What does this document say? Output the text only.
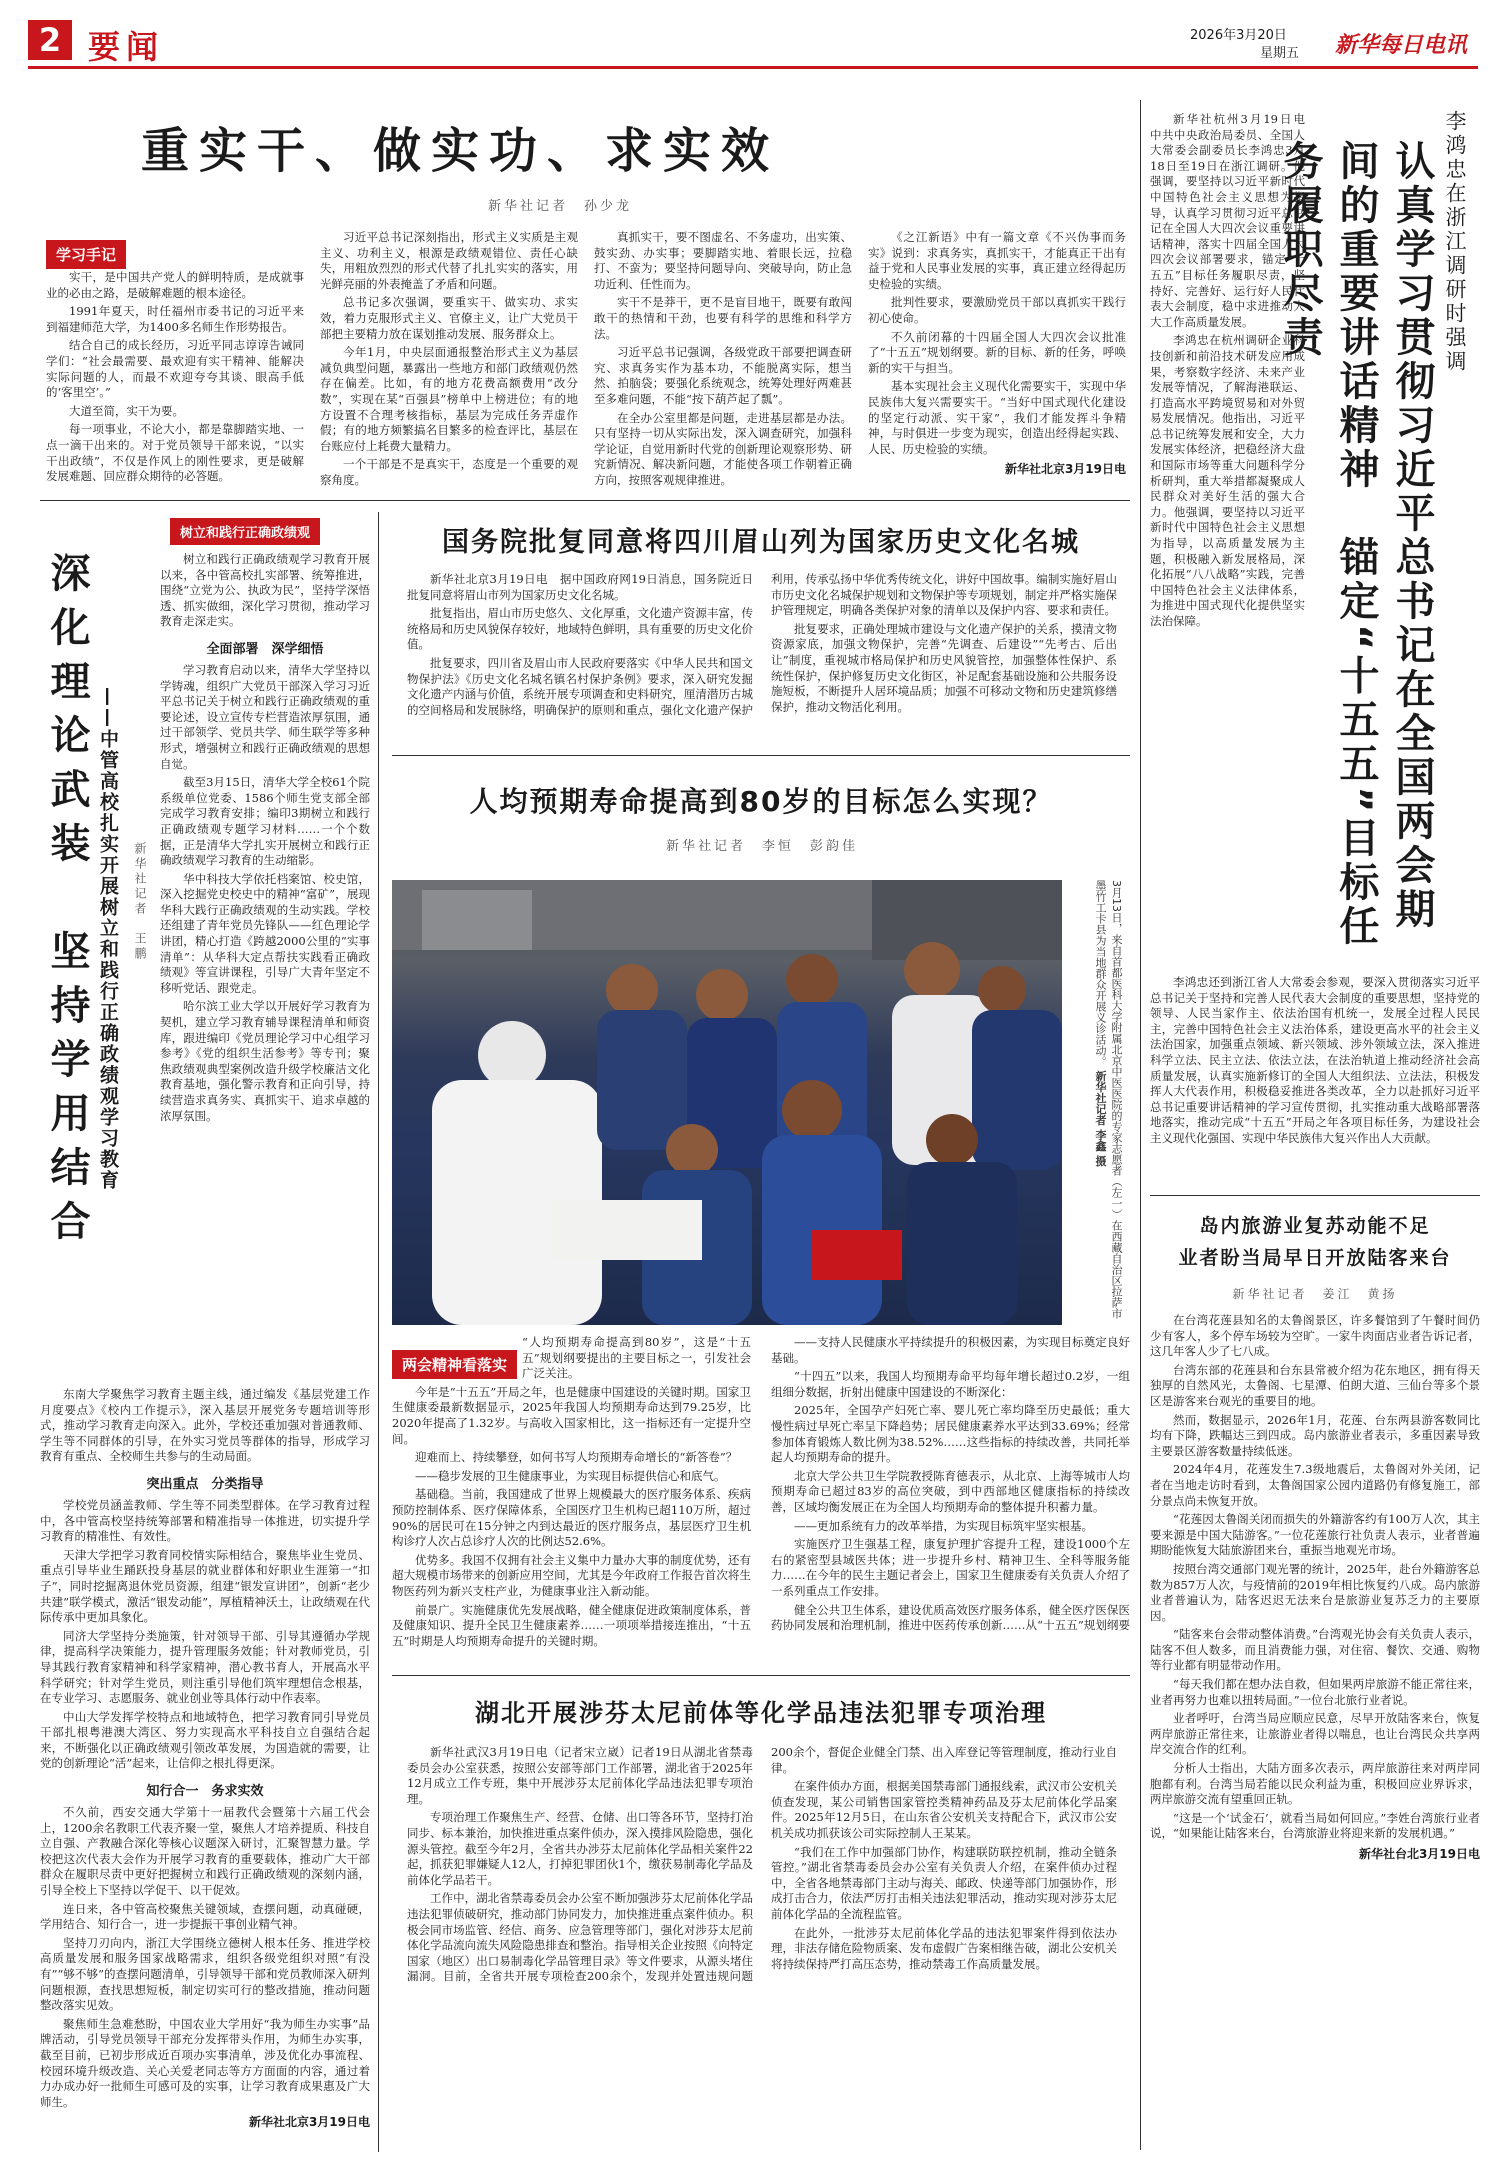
2 要闻	2026年3月20日
星期五 新华每日电讯
重实干、做实功、求实效
新华社记者　孙少龙
学习手记

实干，是中国共产党人的鲜明特质，是成就事业的必由之路，是破解难题的根本途径。

1991年夏天，时任福州市委书记的习近平来到福建师范大学，为1400多名师生作形势报告。

结合自己的成长经历，习近平同志谆谆告诫同学们：“社会最需要、最欢迎有实干精神、能解决实际问题的人，而最不欢迎夸夸其谈、眼高手低的‘客里空’。”

大道至简，实干为要。

每一项事业，不论大小，都是靠脚踏实地、一点一滴干出来的。对于党员领导干部来说，“以实干出政绩”，不仅是作风上的刚性要求，更是破解发展难题、回应群众期待的必答题。

习近平总书记深刻指出，形式主义实质是主观主义、功利主义，根源是政绩观错位、责任心缺失，用粗放烈烈的形式代替了扎扎实实的落实，用光鲜亮丽的外表掩盖了矛盾和问题。

总书记多次强调，要重实干、做实功、求实效，着力克服形式主义、官僚主义，让广大党员干部把主要精力放在谋划推动发展、服务群众上。

今年1月，中央层面通报整治形式主义为基层减负典型问题，暴露出一些地方和部门政绩观仍然存在偏差。比如，有的地方花费高额费用“改分数”，实现在某“百强县”榜单中上榜进位；有的地方设置不合理考核指标，基层为完成任务弄虚作假；有的地方频繁搞名目繁多的检查评比，基层在台账应付上耗费大量精力。

一个干部是不是真实干，态度是一个重要的观察角度。

真抓实干，要不图虚名、不务虚功，出实策、鼓实劲、办实事；要脚踏实地、着眼长远，拉稳打、不蛮为；要坚持问题导向、突破导向，防止急功近利、任性而为。

实干不是莽干，更不是盲目地干，既要有敢闯敢干的热情和干劲，也要有科学的思维和科学方法。

习近平总书记强调，各级党政干部要把调查研究、求真务实作为基本功，不能脱离实际，想当然、拍脑袋；要强化系统观念，统筹处理好两难甚至多难问题，不能“按下葫芦起了瓢”。

在全办公室里都是问题，走进基层都是办法。只有坚持一切从实际出发，深入调查研究，加强科学论证，自觉用新时代党的创新理论观察形势、研究新情况、解决新问题，才能使各项工作朝着正确方向，按照客观规律推进。

《之江新语》中有一篇文章《不兴伪事而务实》说到：求真务实，真抓实干，才能真正干出有益于党和人民事业发展的实事，真正建立经得起历史检验的实绩。

批判性要求，要激励党员干部以真抓实干践行初心使命。

不久前闭幕的十四届全国人大四次会议批准了“十五五”规划纲要。新的目标、新的任务，呼唤新的实干与担当。

基本实现社会主义现代化需要实干，实现中华民族伟大复兴需要实干。“当好中国式现代化建设的坚定行动派、实干家”，我们才能发挥斗争精神，与时俱进一步变为现实，创造出经得起实践、人民、历史检验的实绩。

新华社北京3月19日电
树立和践行正确政绩观
深化理论武装　坚持学用结合 ——中管高校扎实开展树立和践行正确政绩观学习教育 新华社记者　王鹏

树立和践行正确政绩观学习教育开展以来，各中管高校扎实部署、统筹推进，围绕“立党为公、执政为民”，坚持学深悟透、抓实做细，深化学习贯彻，推动学习教育走深走实。

全面部署　深学细悟

学习教育启动以来，清华大学坚持以学铸魂，组织广大党员干部深入学习习近平总书记关于树立和践行正确政绩观的重要论述，设立宣传专栏营造浓厚氛围，通过干部领学、党员共学、师生联学等多种形式，增强树立和践行正确政绩观的思想自觉。

截至3月15日，清华大学全校61个院系级单位党委、1586个师生党支部全部完成学习教育安排；编印3期树立和践行正确政绩观专题学习材料……一个个数据，正是清华大学扎实开展树立和践行正确政绩观学习教育的生动缩影。

华中科技大学依托档案馆、校史馆，深入挖掘党史校史中的精神“富矿”，展现华科大践行正确政绩观的生动实践。学校还组建了青年党员先锋队——红色理论学讲团，精心打造《跨越2000公里的“实事清单”：从华科大定点帮扶实践看正确政绩观》等宣讲课程，引导广大青年坚定不移听党话、跟党走。

哈尔滨工业大学以开展好学习教育为契机，建立学习教育辅导课程清单和师资库，跟进编印《党员理论学习中心组学习参考》《党的组织生活参考》等专刊；聚焦政绩观典型案例改造升级学校廉洁文化教育基地，强化警示教育和正向引导，持续营造求真务实、真抓实干、追求卓越的浓厚氛围。

东南大学聚焦学习教育主题主线，通过编发《基层党建工作月度要点》《校内工作提示》，深入基层开展党务专题培训等形式，推动学习教育走向深入。此外，学校还重加强对普通教师、学生等不同群体的引导，在外实习党员等群体的指导，形成学习教育有重点、全校师生共参与的生动局面。

突出重点　分类指导

学校党员涵盖教师、学生等不同类型群体。在学习教育过程中，各中管高校坚持统筹部署和精准指导一体推进，切实提升学习教育的精准性、有效性。

天津大学把学习教育同校情实际相结合，聚焦毕业生党员、重点引导毕业生踊跃投身基层的就业群体和好职业生涯第一“扣子”，同时挖掘离退休党员资源，组建“银发宣讲团”，创新“老少共建”联学模式，激活“银发动能”，厚植精神沃土，让政绩观在代际传承中更加具象化。

同济大学坚持分类施策，针对领导干部、引导其遵循办学规律，提高科学决策能力，提升管理服务效能；针对教师党员，引导其践行教育家精神和科学家精神，潜心教书育人，开展高水平科学研究；针对学生党员，则注重引导他们筑牢理想信念根基，在专业学习、志愿服务、就业创业等具体行动中作表率。

中山大学发挥学校特点和地域特色，把学习教育同引导党员干部扎根粤港澳大湾区、努力实现高水平科技自立自强结合起来，不断强化以正确政绩观引领改革发展，为国造就的需要，让党的创新理论“活”起来，让信仰之根扎得更深。

知行合一　务求实效

不久前，西安交通大学第十一届教代会暨第十六届工代会上，1200余名教职工代表齐聚一堂，聚焦人才培养提质、科技自立自强、产教融合深化等核心议题深入研讨，汇聚智慧力量。学校把这次代表大会作为开展学习教育的重要载体，推动广大干部群众在履职尽责中更好把握树立和践行正确政绩观的深刻内涵，引导全校上下坚持以学促干、以干促效。

连日来，各中管高校聚焦关键领域，查摆问题，动真碰硬，学用结合、知行合一，进一步提振干事创业精气神。

坚持刀刃向内，浙江大学围绕立德树人根本任务、推进学校高质量发展和服务国家战略需求，组织各级党组织对照“有没有”“够不够”的查摆问题清单，引导领导干部和党员教师深入研判问题根源，查找思想短板，制定切实可行的整改措施，推动问题整改落实见效。

聚焦师生急难愁盼，中国农业大学用好“我为师生办实事”品牌活动，引导党员领导干部充分发挥带头作用，为师生办实事，截至目前，已初步形成近百项办实事清单，涉及优化办事流程、校园环境升级改造、关心关爱老同志等方方面面的内容，通过着力办成办好一批师生可感可及的实事，让学习教育成果惠及广大师生。

新华社北京3月19日电
国务院批复同意将四川眉山列为国家历史文化名城

新华社北京3月19日电　据中国政府网19日消息，国务院近日批复同意将眉山市列为国家历史文化名城。

批复指出，眉山市历史悠久、文化厚重，文化遗产资源丰富，传统格局和历史风貌保存较好，地域特色鲜明，具有重要的历史文化价值。

批复要求，四川省及眉山市人民政府要落实《中华人民共和国文物保护法》《历史文化名城名镇名村保护条例》要求，深入研究发掘文化遗产内涵与价值，系统开展专项调查和史料研究，厘清潜历古城的空间格局和发展脉络，明确保护的原则和重点，强化文化遗产保护利用，传承弘扬中华优秀传统文化，讲好中国故事。编制实施好眉山市历史文化名城保护规划和文物保护等专项规划，制定并严格实施保护管理规定，明确各类保护对象的清单以及保护内容、要求和责任。

批复要求，正确处理城市建设与文化遗产保护的关系，摸清文物资源家底，加强文物保护，完善“先调查、后建设”“先考古、后出让”制度，重视城市格局保护和历史风貌管控，加强整体性保护、系统性保护，保护修复历史文化街区，补足配套基础设施和公共服务设施短板，不断提升人居环境品质；加强不可移动文物和历史建筑修缮保护，推动文物活化利用。

人均预期寿命提高到80岁的目标怎么实现？
新华社记者　李恒　彭韵佳
3月13日，来自首都医科大学附属北京中医医院的专家志愿者（左一）在西藏自治区拉萨市墨竹工卡县为当地群众开展义诊活动。 新华社记者 李鑫 摄
两会精神看落实

“人均预期寿命提高到80岁”，这是“十五五”规划纲要提出的主要目标之一，引发社会广泛关注。

今年是“十五五”开局之年，也是健康中国建设的关键时期。国家卫生健康委最新数据显示，2025年我国人均预期寿命达到79.25岁，比2020年提高了1.32岁。与高收入国家相比，这一指标还有一定提升空间。

迎难而上、持续攀登，如何书写人均预期寿命增长的“新答卷”？

——稳步发展的卫生健康事业，为实现目标提供信心和底气。

基础稳。当前，我国建成了世界上规模最大的医疗服务体系、疾病预防控制体系、医疗保障体系，全国医疗卫生机构已超110万所，超过90%的居民可在15分钟之内到达最近的医疗服务点，基层医疗卫生机构诊疗人次占总诊疗人次的比例达52.6%。

优势多。我国不仅拥有社会主义集中力量办大事的制度优势，还有超大规模市场带来的创新应用空间，尤其是今年政府工作报告首次将生物医药列为新兴支柱产业，为健康事业注入新动能。

前景广。实施健康优先发展战略，健全健康促进政策制度体系，普及健康知识、提升全民卫生健康素养……一项项举措接连推出，“十五五”时期是人均预期寿命提升的关键时期。

——支持人民健康水平持续提升的积极因素，为实现目标奠定良好基础。

“十四五”以来，我国人均预期寿命平均每年增长超过0.2岁，一组组细分数据，折射出健康中国建设的不断深化：

2025年，全国孕产妇死亡率、婴儿死亡率均降至历史最低；重大慢性病过早死亡率呈下降趋势；居民健康素养水平达到33.69%；经常参加体育锻炼人数比例为38.52%……这些指标的持续改善，共同托举起人均预期寿命的提升。

北京大学公共卫生学院教授陈育德表示，从北京、上海等城市人均预期寿命已超过83岁的高位突破，到中西部地区健康指标的持续改善，区域均衡发展正在为全国人均预期寿命的整体提升积蓄力量。

——更加系统有力的改革举措，为实现目标筑牢坚实根基。

实施医疗卫生强基工程，康复护理扩容提升工程，建设1000个左右的紧密型县域医共体；进一步提升乡村、精神卫生、全科等服务能力……在今年的民生主题记者会上，国家卫生健康委有关负责人介绍了一系列重点工作安排。

健全公共卫生体系，建设优质高效医疗服务体系，健全医疗医保医药协同发展和治理机制，推进中医药传承创新……从“十五五”规划纲要

湖北开展涉芬太尼前体等化学品违法犯罪专项治理

新华社武汉3月19日电（记者宋立崴）记者19日从湖北省禁毒委员会办公室获悉，按照公安部等部门工作部署，湖北省于2025年12月成立工作专班，集中开展涉芬太尼前体化学品违法犯罪专项治理。

专项治理工作聚焦生产、经营、仓储、出口等各环节，坚持打治同步、标本兼治，加快推进重点案件侦办，深入摸排风险隐患，强化源头管控。截至今年2月，全省共办涉芬太尼前体化学品相关案件22起，抓获犯罪嫌疑人12人，打掉犯罪团伙1个，缴获易制毒化学品及前体化学品若干。

工作中，湖北省禁毒委员会办公室不断加强涉芬太尼前体化学品违法犯罪侦破研究，推动部门协同发力，加快推进重点案件侦办。积极会同市场监管、经信、商务、应急管理等部门，强化对涉芬太尼前体化学品流向流失风险隐患排查和整治。指导相关企业按照《向特定国家（地区）出口易制毒化学品管理目录》等文件要求，从源头堵住漏洞。目前，全省共开展专项检查200余个，发现并处置违规问题200余个，督促企业健全门禁、出入库登记等管理制度，推动行业自律。

在案件侦办方面，根据美国禁毒部门通报线索，武汉市公安机关侦查发现，某公司销售国家管控类精神药品及芬太尼前体化学品案件。2025年12月5日，在山东省公安机关支持配合下，武汉市公安机关成功抓获该公司实际控制人王某某。

“我们在工作中加强部门协作，构建联防联控机制，推动全链条管控。”湖北省禁毒委员会办公室有关负责人介绍，在案件侦办过程中，全省各地禁毒部门主动与海关、邮政、快递等部门加强协作，形成打击合力，依法严厉打击相关违法犯罪活动，推动实现对涉芬太尼前体化学品的全流程监管。

在此外，一批涉芬太尼前体化学品的违法犯罪案件得到依法办理，非法存储危险物质案、发布虚假广告案相继告破，湖北公安机关将持续保持严打高压态势，推动禁毒工作高质量发展。

李鸿忠在浙江调研时强调
认真学习贯彻习近平总书记在全国两会期间的重要讲话精神　锚定“十五五”目标任务履职尽责

新华社杭州3月19日电　中共中央政治局委员、全国人大常委会副委员长李鸿忠3月18日至19日在浙江调研。他强调，要坚持以习近平新时代中国特色社会主义思想为指导，认真学习贯彻习近平总书记在全国人大四次会议重要讲话精神，落实十四届全国人大四次会议部署要求，锚定“十五五”目标任务履职尽责，坚持好、完善好、运行好人民代表大会制度，稳中求进推动人大工作高质量发展。

李鸿忠在杭州调研企业科技创新和前沿技术研发应用成果，考察数字经济、未来产业发展等情况，了解海港联运、打造高水平跨境贸易和对外贸易发展情况。他指出，习近平总书记统筹发展和安全，大力发展实体经济，把稳经济大盘和国际市场等重大问题科学分析研判，重大举措都凝聚成人民群众对美好生活的强大合力。他强调，要坚持以习近平新时代中国特色社会主义思想为指导，以高质量发展为主题，积极融入新发展格局，深化拓展“八八战略”实践，完善中国特色社会主义法律体系，为推进中国式现代化提供坚实法治保障。

李鸿忠还到浙江省人大常委会参观，要深入贯彻落实习近平总书记关于坚持和完善人民代表大会制度的重要思想，坚持党的领导、人民当家作主、依法治国有机统一，发展全过程人民民主，完善中国特色社会主义法治体系，建设更高水平的社会主义法治国家，加强重点领域、新兴领域、涉外领域立法，深入推进科学立法、民主立法、依法立法，在法治轨道上推动经济社会高质量发展，认真实施新修订的全国人大组织法、立法法，积极发挥人大代表作用，积极稳妥推进各类改革，全力以赴抓好习近平总书记重要讲话精神的学习宣传贯彻，扎实推动重大战略部署落地落实，推动完成“十五五”开局之年各项目标任务，为建设社会主义现代化强国、实现中华民族伟大复兴作出人大贡献。

岛内旅游业复苏动能不足
业者盼当局早日开放陆客来台
新华社记者　姜江　黄扬

在台湾花莲县知名的太鲁阁景区，许多餐馆到了午餐时间仍少有客人，多个停车场较为空旷。一家牛肉面店业者告诉记者，这几年客人少了七八成。

台湾东部的花莲县和台东县常被介绍为花东地区，拥有得天独厚的自然风光，太鲁阁、七星潭、伯朗大道、三仙台等多个景区是游客来台观光的重要目的地。

然而，数据显示，2026年1月，花莲、台东两县游客数同比均有下降，跌幅达三到四成。岛内旅游业者表示，多重因素导致主要景区游客数量持续低迷。

2024年4月，花莲发生7.3级地震后，太鲁阁对外关闭，记者在当地走访时看到，太鲁阁国家公园内道路仍有修复施工，部分景点尚未恢复开放。

“花莲因太鲁阁关闭而损失的外籍游客约有100万人次，其主要来源是中国大陆游客。”一位花莲旅行社负责人表示，业者普遍期盼能恢复大陆旅游团来台，重振当地观光市场。

按照台湾交通部门观光署的统计，2025年，赴台外籍游客总数为857万人次，与疫情前的2019年相比恢复约八成。岛内旅游业者普遍认为，陆客迟迟无法来台是旅游业复苏乏力的主要原因。

“陆客来台会带动整体消费。”台湾观光协会有关负责人表示，陆客不但人数多，而且消费能力强，对住宿、餐饮、交通、购物等行业都有明显带动作用。

“每天我们都在想办法自救，但如果两岸旅游不能正常往来，业者再努力也难以扭转局面。”一位台北旅行业者说。

业者呼吁，台湾当局应顺应民意，尽早开放陆客来台，恢复两岸旅游正常往来，让旅游业者得以喘息，也让台湾民众共享两岸交流合作的红利。

分析人士指出，大陆方面多次表示，两岸旅游往来对两岸同胞都有利。台湾当局若能以民众利益为重，积极回应业界诉求，两岸旅游交流有望重回正轨。

“这是一个‘试金石’，就看当局如何回应。”李姓台湾旅行业者说，“如果能让陆客来台，台湾旅游业将迎来新的发展机遇。”

新华社台北3月19日电
